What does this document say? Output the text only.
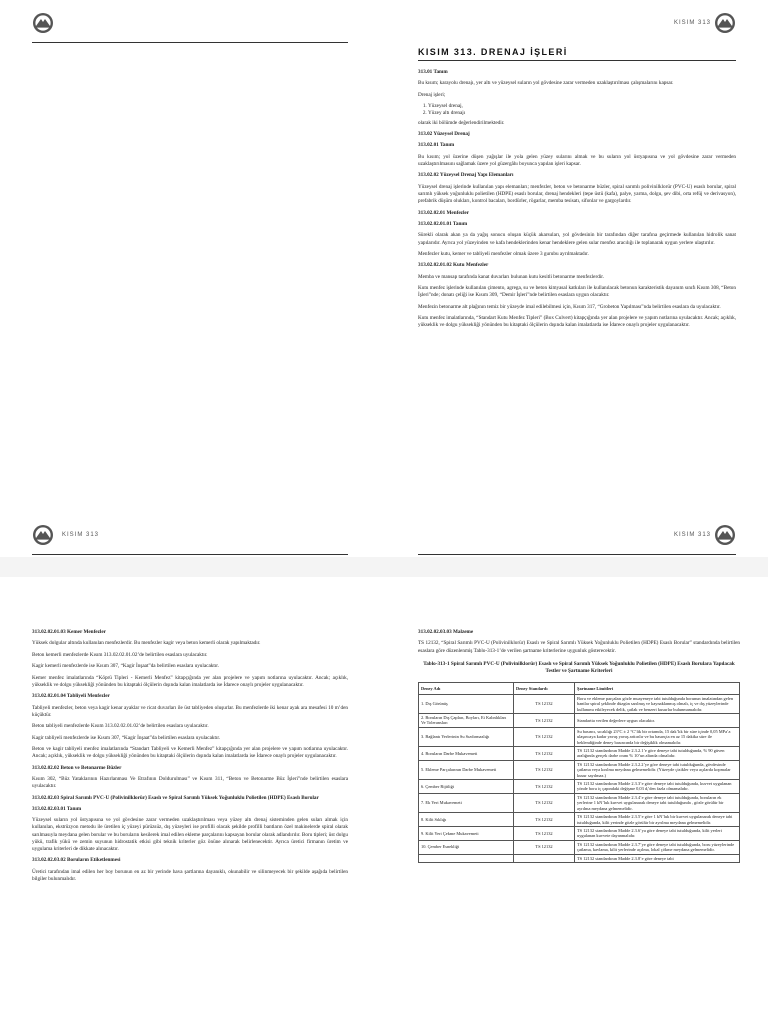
KISIM 313
KISIM 313. DRENAJ İŞLERİ

313.01 Tanım

Bu kısım; karayolu drenajı, yer altı ve yüzeysel suların yol gövdesine zarar vermeden uzaklaştırılması çalışmalarını kapsar.

Drenaj işleri;

1. Yüzeysel drenaj,
2. Yüzey altı drenajı

olarak iki bölümde değerlendirilmektedir.

313.02 Yüzeysel Drenaj

313.02.01 Tanım

Bu kısım; yol üzerine düşen yağışlar ile yola gelen yüzey sularını almak ve bu suların yol üstyapısına ve yol gövdesine zarar vermeden uzaklaştırılmasını sağlamak üzere yol güzergâhı boyunca yapılan işleri kapsar.

313.02.02 Yüzeysel Drenaj Yapı Elemanları

Yüzeysel drenaj işlerinde kullanılan yapı elemanları; menfezler, beton ve betonarme büzler, spiral sarımlı polivinilklorür (PVC-U) esaslı borular, spiral sarımlı yüksek yoğunluklu polietilen (HDPE) esaslı borular, drenaj hendekleri (tepe üstü (kafa), palye, yarma, dolgu, şev dibi, orta refüj ve derivasyon), prefabrik düşüm olukları, kontrol bacaları, bordürler, rögarlar, memba tesisatı, sifonlar ve gargoylardır.

313.02.02.01 Menfezler

313.02.02.01.01 Tanım

Sürekli olarak akan ya da yağış sonucu oluşan küçük akarsuları, yol gövdesinin bir tarafından diğer tarafına geçirmede kullanılan hidrolik sanat yapılarıdır. Ayrıca yol yüzeyinden ve kafa hendeklerinden kenar hendeklere gelen sular menfez aracılığı ile toplanarak uygun yerlere ulaştırılır.

Menfezler kutu, kemer ve tabliyeli menfezler olmak üzere 3 gurubu ayrılmaktadır.

313.02.02.01.02 Kutu Menfezler

Memba ve mansap tarafında kanat duvarları bulunan kutu kesitli betonarme menfezlerdir.

Kutu menfez işlerinde kullanılan çimento, agrega, su ve beton kimyasal katkıları ile kullanılacak betonun karakteristik dayanım sınıfı Kısım 308, “Beton İşleri”nde; donatı çeliği ise Kısım 309, “Demir İşleri”nde belirtilen esaslara uygun olacaktır.

Menfezin betonarme alt plağının temiz bir yüzeyde imal edilebilmesi için, Kısım 317, “Grobeton Yapılması”nda belirtilen esaslara da uyulacaktır.

Kutu menfez imalatlarında, “Standart Kutu Menfez Tipleri” (Box Culvert) kitapçığında yer alan projelere ve yapım notlarına uyulacaktır. Ancak; açıklık, yükseklik ve dolgu yüksekliği yönünden bu kitaptaki ölçülerin dışında kalan imalatlarda ise İdarece onaylı projeler uygulanacaktır.

KISIM 313	KISIM 313

313.02.02.01.03 Kemer Menfezler

Yüksek dolgular altında kullanılan menfezlerdir. Bu menfezler kagir veya beton kemerli olarak yapılmaktadır.

Beton kemerli menfezlerde Kısım 313.02.02.01.02’de belirtilen esaslara uyulacaktır.

Kagir kemerli menfezlerde ise Kısım 307, “Kagir İnşaat”da belirtilen esaslara uyulacaktır.

Kemer menfez imalatlarında “Köprü Tipleri - Kemerli Menfez” kitapçığında yer alan projelere ve yapım notlarına uyulacaktır. Ancak; açıklık, yükseklik ve dolgu yüksekliği yönünden bu kitaptaki ölçülerin dışında kalan imalatlarda ise İdarece onaylı projeler uygulanacaktır.

313.02.02.01.04 Tabliyeli Menfezler

Tabliyeli menfezler, beton veya kagir kenar ayaklar ve ricat duvarları ile üst tabliyeden oluşurlar. Bu menfezlerde iki kenar ayak ara mesafesi 10 m’den küçüktür.

Beton tabliyeli menfezlerde Kısım 313.02.02.01.02’de belirtilen esaslara uyulacaktır.

Kagir tabliyeli menfezlerde ise Kısım 307, “Kagir İnşaat”da belirtilen esaslara uyulacaktır.

Beton ve kagir tabliyeli menfez imalatlarında “Standart Tabliyeli ve Kemerli Menfez” kitapçığında yer alan projelere ve yapım notlarına uyulacaktır. Ancak; açıklık, yükseklik ve dolgu yüksekliği yönünden bu kitaptaki ölçülerin dışında kalan imalatlarda ise İdarece onaylı projeler uygulanacaktır.

313.02.02.02 Beton ve Betonarme Büzler

Kısım 302, “Büz Yataklarının Hazırlanması Ve Etrafının Doldurulması” ve Kısım 311, “Beton ve Betonarme Büz İşleri”nde belirtilen esaslara uyulacaktır.

313.02.02.03 Spiral Sarımlı PVC-U (Polivinilklorür) Esaslı ve Spiral Sarımlı Yüksek Yoğunluklu Polietilen (HDPE) Esaslı Borular

313.02.02.03.01 Tanım

Yüzeysel suların yol üstyapısına ve yol gövdesine zarar vermeden uzaklaştırılması veya yüzey altı drenaj sisteminden gelen suları almak için kullanılan, ekstrüzyon metodu ile üretilen iç yüzeyi pürüzsüz, dış yüzeyleri ise profilli olacak şekilde profilli bantların özel makinelerde spiral olarak sarılmasıyla meydana gelen borular ve bu boruların kesilerek imal edilen ekleme parçalarını kapsayan borular olarak adlandırılır. Boru tipleri; üst dolgu yükü, trafik yükü ve zemin suyunun hidrostatik etkisi gibi teknik kriterler göz önüne alınarak belirlenecektir. Ayrıca üretici firmanın üretim ve uygulama kriterleri de dikkate alınacaktır.

313.02.02.03.02 Boruların Etiketlenmesi

Üretici tarafından imal edilen her boy borunun en az bir yerinde hava şartlarına dayanıklı, okunabilir ve silinmeyecek bir şekilde aşağıda belirtilen bilgiler bulunmalıdır.

313.02.02.03.03 Malzeme

TS 12132, “Spiral Sarımlı PVC-U (Polivinilklorür) Esaslı ve Spiral Sarımlı Yüksek Yoğunluklu Polietilen (HDPE) Esaslı Borular” standardında belirtilen esaslara göre düzenlenmiş Tablo-313-1’de verilen şartname kriterlerine uygunluk gösterecektir.

Tablo-313-1 Spiral Sarımlı PVC-U (Polivinilklorür) Esaslı ve Spiral Sarımlı Yüksek Yoğunluklu Polietilen (HDPE) Esaslı Borulara Yapılacak Testler ve Şartname Kriterleri
Deney Adı	Deney Standardı	Şartname Limitleri
1. Dış Görünüş	TS 12132	Boru ve ekleme parçaları gözle muayeneye tabi tutulduğunda borunun imalatından gelen bantlar spiral şeklinde düzgün sarılmış ve kaynaklanmış olmalı, iç ve dış yüzeylerinde kullanımı etkileyecek delik, çatlak ve benzeri kusurlar bulunmamalıdır.
2. Boruların Dış Çapları, Boyları, Et Kalınlıkları Ve Toleransları	TS 12132	Standartta verilen değerlere uygun olacaktır.
3. Bağlantı Yerlerinin Su Sızdırmazlığı	TS 12132	Su basıncı, sıcaklığı 23°C ± 2 °C’lik bir ortamda, 15 dak’lık bir süre içinde 0,05 MPa’a ulaşıncaya kadar yavaş yavaş arttırılır ve bu basınçta en az 15 dakika süre ile beklendiğinde deney basıncında bir değişiklik olmamalıdır.
4. Boruların Darbe Mukavemeti	TS 12132	TS 12132 standardının Madde 2.3.2.1’e göre deneye tabi tutulduğunda, % 90 güven aralığında gerçek darbe oranı % 10’un altında olmalıdır.
5. Ekleme Parçalarının Darbe Mukavemeti	TS 12132	TS 12132 standardının Madde 2.3.2.2’ye göre deneye tabi tutulduğunda, gövdesinde çatlama veya kırılma meydana gelmemelidir. (Yüzeyde çizikler veya açılarda kopmalar kusur sayılmaz.)
6. Çember Rijitliği	TS 12132	TS 12132 standardının Madde 2.3.3’e göre deneye tabi tutulduğunda, kuvvet uygulanan yönde boru iç çapındaki değişme 0,03 dᵢ’den fazla olmamalıdır.
7. Ek Yeri Mukavemeti	TS 12132	TS 12132 standardının Madde 2.3.4’e göre deneye tabi tutulduğunda, boruların ek yerlerine 1 kN’luk kuvvet uygulanarak deneye tabi tutulduğunda , gözle görülür bir ayrılma meydana gelmemelidir.
8. Kilit Sıklığı	TS 12132	TS 12132 standardının Madde 2.3.5’e göre 1 kN’luk bir kuvvet uygulanarak deneye tabi tutulduğunda, kilit yerinde gözle görülür bir ayrılma meydana gelmemelidir.
9. Kilit Yeri Çekme Mukavemeti	TS 12132	TS 12132 standardının Madde 2.3.6’ya göre deneye tabi tutulduğunda, kilit yerleri uygulanan kuvvete dayanmalıdır.
10. Çember Esnekliği	TS 12132	TS 12132 standardının Madde 2.3.7’ye göre deneye tabi tutulduğunda, boru yüzeylerinde çatlama, kavlama, kilit yerlerinde açılma, lokal çökme meydana gelmemelidir.
		TS 12132 standardının Madde 2.3.8’e göre deneye tabi
